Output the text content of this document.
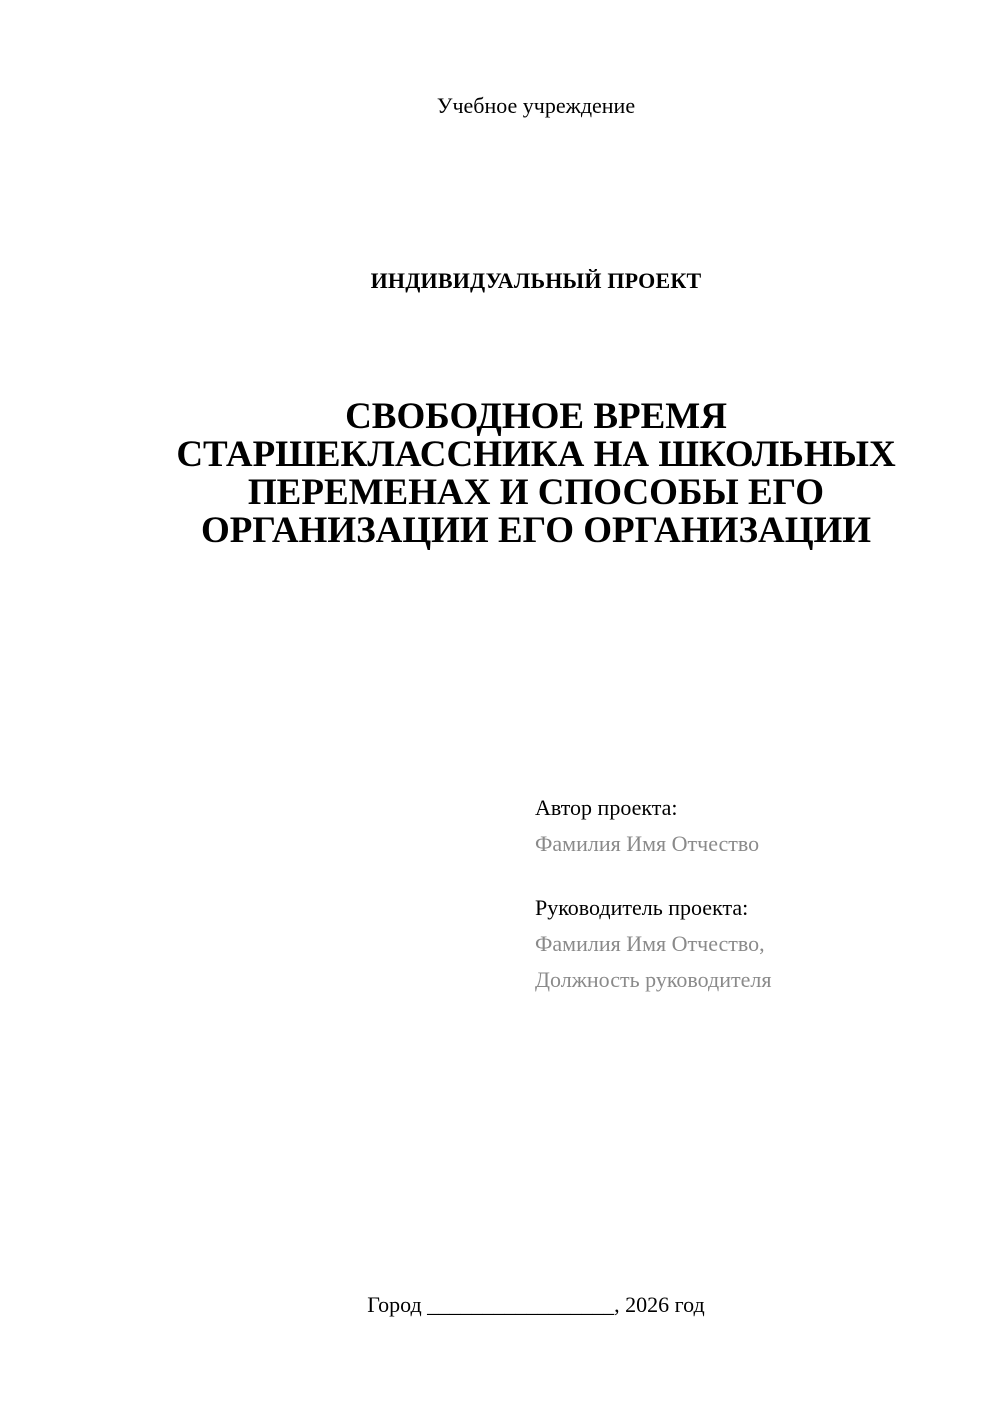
Учебное учреждение
ИНДИВИДУАЛЬНЫЙ ПРОЕКТ
СВОБОДНОЕ ВРЕМЯ
СТАРШЕКЛАССНИКА НА ШКОЛЬНЫХ
ПЕРЕМЕНАХ И СПОСОБЫ ЕГО
ОРГАНИЗАЦИИ ЕГО ОРГАНИЗАЦИИ
Автор проекта:
Фамилия Имя Отчество
Руководитель проекта:
Фамилия Имя Отчество,
Должность руководителя
Город _________________, 2026 год
